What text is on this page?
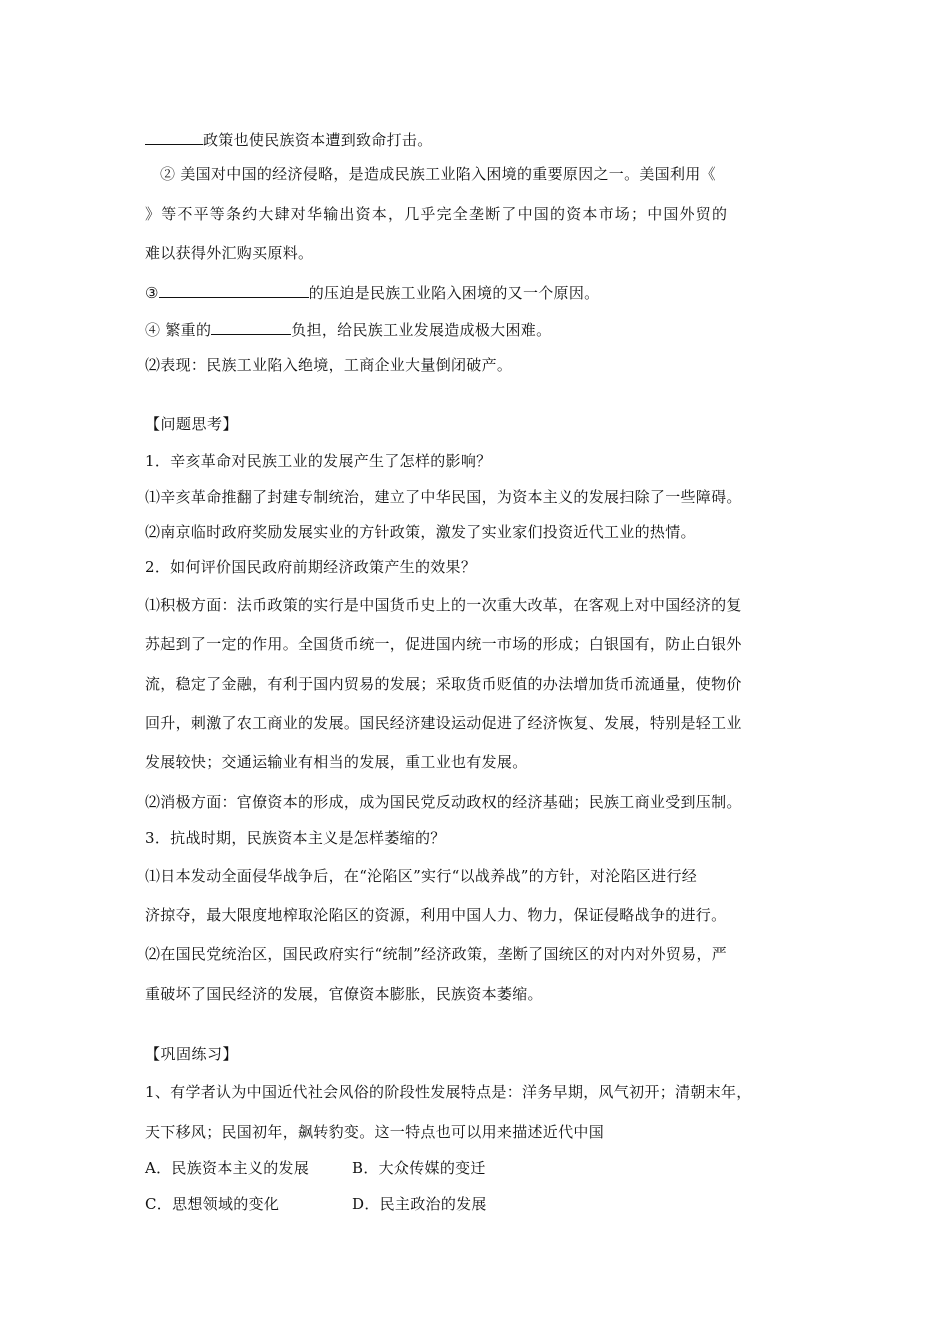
政策也使民族资本遭到致命打击。
② 美国对中国的经济侵略，是造成民族工业陷入困境的重要原因之一。美国利用《
》等不平等条约大肆对华输出资本，几乎完全垄断了中国的资本市场；中国外贸的
难以获得外汇购买原料。
③	的压迫是民族工业陷入困境的又一个原因。
④ 繁重的	负担，给民族工业发展造成极大困难。
⑵表现：民族工业陷入绝境，工商企业大量倒闭破产。
【问题思考】
1．辛亥革命对民族工业的发展产生了怎样的影响？
⑴辛亥革命推翻了封建专制统治，建立了中华民国，为资本主义的发展扫除了一些障碍。
⑵南京临时政府奖励发展实业的方针政策，激发了实业家们投资近代工业的热情。
2．如何评价国民政府前期经济政策产生的效果？
⑴积极方面：法币政策的实行是中国货币史上的一次重大改革，在客观上对中国经济的复
苏起到了一定的作用。全国货币统一，促进国内统一市场的形成；白银国有，防止白银外
流，稳定了金融，有利于国内贸易的发展；采取货币贬值的办法增加货币流通量，使物价
回升，刺激了农工商业的发展。国民经济建设运动促进了经济恢复、发展，特别是轻工业
发展较快；交通运输业有相当的发展，重工业也有发展。
⑵消极方面：官僚资本的形成，成为国民党反动政权的经济基础；民族工商业受到压制。
3．抗战时期，民族资本主义是怎样萎缩的？
⑴日本发动全面侵华战争后，在“沦陷区”实行“以战养战”的方针，对沦陷区进行经
济掠夺，最大限度地榨取沦陷区的资源，利用中国人力、物力，保证侵略战争的进行。
⑵在国民党统治区，国民政府实行“统制”经济政策，垄断了国统区的对内对外贸易，严
重破坏了国民经济的发展，官僚资本膨胀，民族资本萎缩。
【巩固练习】
1、有学者认为中国近代社会风俗的阶段性发展特点是：洋务早期，风气初开；清朝末年，
天下移风；民国初年，飙转豹变。这一特点也可以用来描述近代中国
A．民族资本主义的发展	B．大众传媒的变迁
C．思想领域的变化	D．民主政治的发展
